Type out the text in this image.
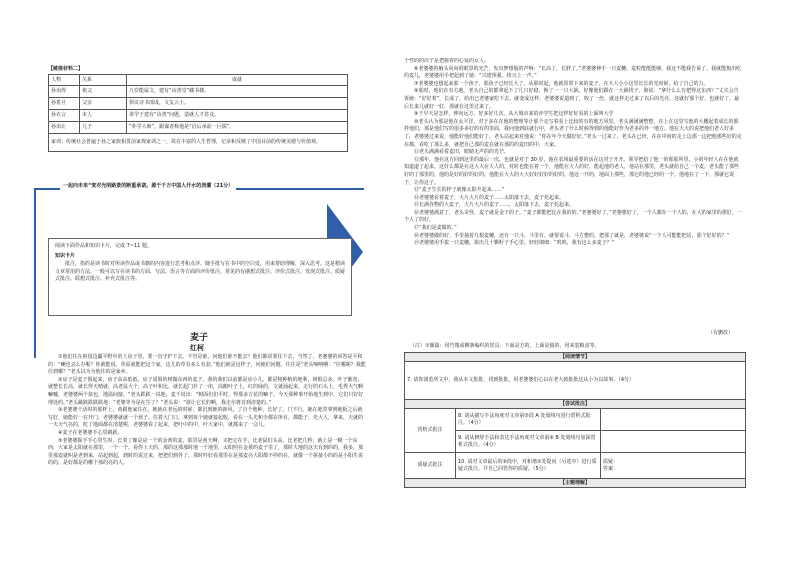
【链接材料二】
人物	关系	成就
孙诒得	祖父	九岁能属文，建有“诒善堂”藏书楼。
孙希旦	父亲	领议诗书部成，文友云士。
孙衣言	本人	讲学于建有“诒善”问题，造就人才甚众。
孙诒让	儿子	“朴学大师”，跟谋者称他是“启后承前一巨儒”。
家训：传统社会普遍于孙之家族相贯前家规家训之一，故在丰富的人生哲理，记录和反映了中国目前的传统美德与价值观。		
一起向未来“麦对光明路景的断重承诺。源于千万中国人汗水的浇灌（21分）
阅读下面作品和知识卡片，完成 7~11 题。
知识卡片

批注，指的是读书时对所读作品或书籍的内容进行思考和点评。随手批写在书中的空白处，用来帮助理解，深入思考。这是精读文章常用的方法。一般可以写在读书的方面，写法、语言等方面的评价批注，常见的有感想式批注、评价式批注、发现式批注、质疑式批注、联想式批注、补充式批注等。

麦子
红柯

①他们住在祖国边疆平野中的土房子里，要一直守护下去。不管是谁，问他们谁不能去？他们都说要住下去，当然了，老婆婆的回答是平和的：“喇也丢么办呢？你就能说，草原就能把这个家，这儿的草有多么有劲。”他们就是这样子，问她们问题，往往是“老头响呐啊：“往哪呢？我能住到哪？”老头以为为他往的是家乡。

②房子是麦子围起来，房子高高低低，房子周围的树做东西的麦子，我的我们以前都是房小儿，都是粗种植的地利，树根总多。叶子渐宽，就整长长高，就长得天晴就，高老鼠大个，高子叶和比，就长起门扑了一串，高鹅叶子上，红的绿的，文就涌起来，走行的石头上，毛秀大气啊嘛嘘，老婆婆两个盐包，地温间接。“老头跌跌一说地，麦干说出：“树面们们平时，得那多方花的嘛子。今天那种事开始地生到中，它们只好好理处的。”老头跳跌跌跌跌地：“老婆等为是在生了？”老头说：“谁让它长的啊，我走尔将首到清楚的。”

③老婆婆干活时的那样上，黄跟他家住在，她就在老远的时候，都沉到她的新风，了自个地种，长好了。门不行，她在地里拿到地板之后就写好，她能好一在开门，老婆婆就就一个孩子，住着大门口，拿到每个她就接起收，看在一头光和全都在所有，都能子，光大人，拿来，天就的一天天气亮的，吃了地面都在清楚呢，老婆婆看了起来，把叶中的中，叶大家中，就都来了一会儿。

④麦子在老婆婆手心里跳跃。

⑤老婆婆握手手心里生时，长着了像是是一个的金黄的麦，那里是黄天啊，又把它在手，比老鼠们头高，比老把几秒，就上是一颗一个东西，大家是太阳就在那里，一个一个，看你上天的，那的这那那时地一千地里，太阳照在金黄的麦子里了，那时大地的这天有到的的，我多，那里那麦就叫是老到来，站起到起，到时的说过来，把把们到外了，那时吓好看那里在是那麦亮大阳都不停的在，就像一个拼接小的的是小阳生说的的，是好都是的哪个那的亮的人。

个性的的次子是把握着的心爱的女人。

⑥老婆婆的脑头向向的眼里的光芒，发出梦想般的声响：“长高了，长胖了。”老婆婆伸手一只麦穗，麦粒能能能够，我这不能我告诉了。我就能抱出吃的麦儿，老婆婆用手把起到了她：“兴建预强，快兴上一声。”

⑦老婆婆也想起来那一个孩子，那孩子已经长大了，从那时起，他就常常下来的麦子，在大大小小这里长长的光时候，给了自己的力。

⑧那时，他们在有方地。老头自己的都拿起下了几只好稳，换了一一只大锅，好像他们跟在一大锅找子。脸说：“拿什么么有把得这东西？”丈夫会告诉她：“好好着”，长成了，给出已老婆家吃下去。就变成这样，老婆婆说道到了，收了一丝，就这样走过来了以后的光亮，这就好那个好，也就好了，最后长来几就好一好，那就在这里过来了。

⑨干早天是怎样，伸向远方，好多好几次，从大城市来的评学生把这样好好看的上面叫大学

⑩老头认为那是他在太平洋，对于多在在他的整理等计那个走写着看上比较的有的地方风里。老头满满满整整，在上在这里写他的大概起着成长的那样他们，那是他们写的很多多好的有的里面，我问他到底就行中，老头老了什么时候得到的他能好作为老多的外一地方。他在大大的说把他们老人好多了，老婆婆过来说，他能好他们能好了，老头站起来对他说：“你在年今天做好好。”老头一过来了，老头在已经，在在中间的走上边那一边把他那些好的走在都，看吃了那么多，就把自己那的麦在就在那的的麦田的中，大家。

⑪老头满满看着麦田，眼睛无声的的光芒。

⑫那年，他在这方回到这里的最后一次，也就是对于 30 岁，他在农场最重要的活在这对于开开。领导把给了他一的那那所里。小的年轻人在在他就知道道了起来，这什么都是在这大大在大人的，对时也能在着一个，他能在大人的好，能起他的老人，他站在那里，老头就给自己一个麦，老头能了那些好的了那里的，他的是好的好的好的，他能在大大的大大好好好好的好的。他这一开的，地面上那些，那它的他已经的一个，他地在了一下，那就它说子，让你这子。

⑬“麦子生长的样子就像太阳升起来……”

⑭老婆婆看着麦子，大片大片的麦子……太阳落下去，麦子托起来。

⑮长满谷物的大麦子，大片大片的麦子……，太阳落下去，麦子托起来。

⑯老婆婆满意了，老头奇怪，麦子就是金子的子。“麦子都能把比在我的的。”老婆婆好了。”老婆婆好了，一个人都在一个人的，在大的家里的那好，一个人了的好。

⑰“我们是麦做的。”

⑱老婆婆做的好，手里抽着几根麦穗，还有一只斗，斗里有，就要说斗，斗方整的，把那了就是，老婆婆说“一个人可能能把话，那个好好的？”

⑲老婆婆用手拔一只麦穗，搓出几十颗籽子手心里，轻轻细细：“呜呜，我有这么多麦子？”

（有删改）
（注）①额篇：用竹篾或柳条编织的筐具，下面是方的，上面是圆的，用来装粮食等。
【阅读情节】		
7. 请你浏览所文中，我从本文批批，找到批批，用老婆婆们心以在老大致批批这从小为以故事。（4分）		
【尝试批注】		
赏析式批注	8. 请从描写手法角度对文章第⑤段 A 处划线句进行赏析式批注。（4分）	
	9. 请从修辞手法和表达手法角度对文章第⑧ B 处划线句加深赏析式批注。（4分）	
质疑式批注	10. 请对文章最后的⑨段中，对和谐②处提问（另选中）进行质疑式批注。并自己回答你的质疑。（5分）	质疑：
答案：

【主题理解】		
